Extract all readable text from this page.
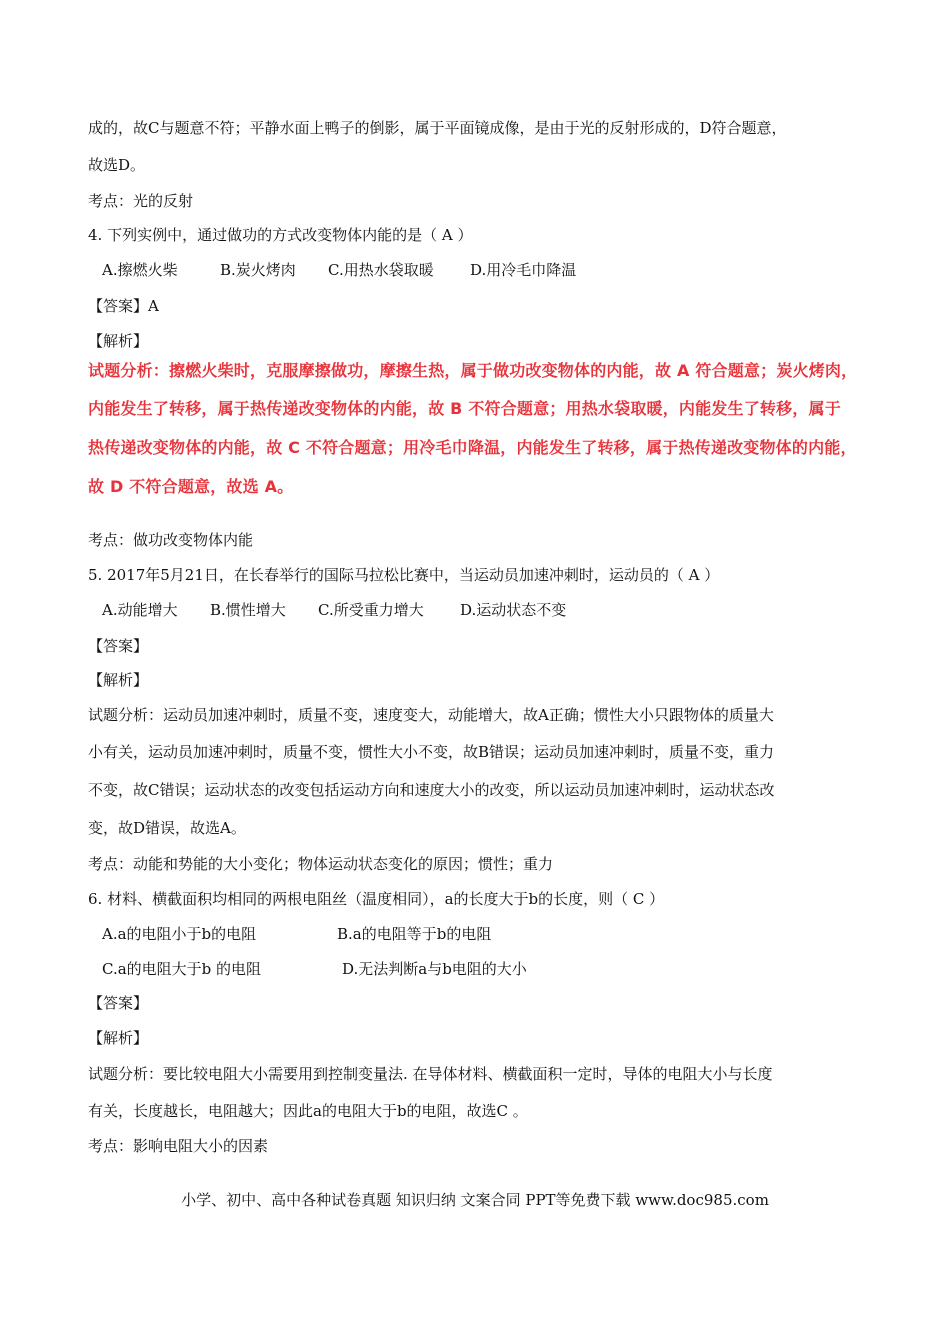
成的，故C与题意不符；平静水面上鸭子的倒影，属于平面镜成像，是由于光的反射形成的，D符合题意，
故选D。
考点：光的反射
4. 下列实例中，通过做功的方式改变物体内能的是（ A ）
A.擦燃火柴	B.炭火烤肉 C.用热水袋取暖 D.用冷毛巾降温
【答案】A
【解析】
试题分析：擦燃火柴时，克服摩擦做功，摩擦生热，属于做功改变物体的内能，故 A 符合题意；炭火烤肉，
内能发生了转移，属于热传递改变物体的内能，故 B 不符合题意；用热水袋取暖，内能发生了转移，属于
热传递改变物体的内能，故 C 不符合题意；用冷毛巾降温，内能发生了转移，属于热传递改变物体的内能，
故 D 不符合题意，故选 A。
考点：做功改变物体内能
5. 2017年5月21日，在长春举行的国际马拉松比赛中，当运动员加速冲刺时，运动员的（ A ）
A.动能增大 B.惯性增大 C.所受重力增大 D.运动状态不变
【答案】
【解析】
试题分析：运动员加速冲刺时，质量不变，速度变大，动能增大，故A正确；惯性大小只跟物体的质量大
小有关，运动员加速冲刺时，质量不变，惯性大小不变，故B错误；运动员加速冲刺时，质量不变，重力
不变，故C错误；运动状态的改变包括运动方向和速度大小的改变，所以运动员加速冲刺时，运动状态改
变，故D错误，故选A。
考点：动能和势能的大小变化；物体运动状态变化的原因；惯性；重力
6. 材料、横截面积均相同的两根电阻丝（温度相同），a的长度大于b的长度，则（ C ）
A.a的电阻小于b的电阻	B.a的电阻等于b的电阻
C.a的电阻大于b 的电阻	D.无法判断a与b电阻的大小
【答案】
【解析】
试题分析：要比较电阻大小需要用到控制变量法. 在导体材料、横截面积一定时，导体的电阻大小与长度
有关，长度越长，电阻越大；因此a的电阻大于b的电阻，故选C 。
考点：影响电阻大小的因素
小学、初中、高中各种试卷真题 知识归纳 文案合同 PPT等免费下载 www.doc985.com
